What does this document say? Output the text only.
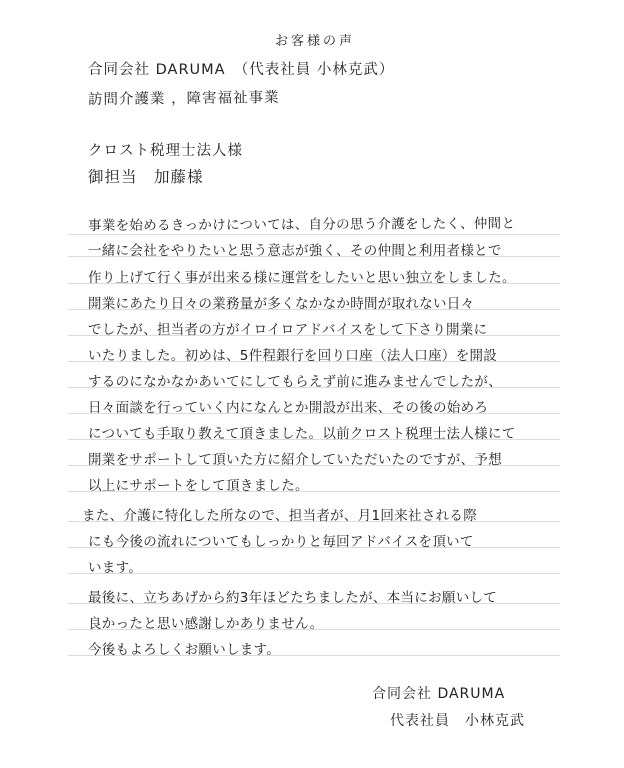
お客様の声
合同会社 DARUMA　（代表社員 小林克武）
訪問介護業 ，障害福祉事業
クロスト税理士法人様
御担当　加藤様
事業を始めるきっかけについては、自分の思う介護をしたく、仲間と
一緒に会社をやりたいと思う意志が強く、その仲間と利用者様とで
作り上げて行く事が出来る様に運営をしたいと思い独立をしました。
開業にあたり日々の業務量が多くなかなか時間が取れない日々
でしたが、担当者の方がイロイロアドバイスをして下さり開業に
いたりました。初めは、5件程銀行を回り口座（法人口座）を開設
するのになかなかあいてにしてもらえず前に進みませんでしたが、
日々面談を行っていく内になんとか開設が出来、その後の始めろ
についても手取り教えて頂きました。以前クロスト税理士法人様にて
開業をサポートして頂いた方に紹介していただいたのですが、予想
以上にサポートをして頂きました。
また、介護に特化した所なので、担当者が、月1回来社される際
にも今後の流れについてもしっかりと毎回アドバイスを頂いて
います。
最後に、立ちあげから約3年ほどたちましたが、本当にお願いして
良かったと思い感謝しかありません。
今後もよろしくお願いします。
合同会社 DARUMA
代表社員　小林克武
